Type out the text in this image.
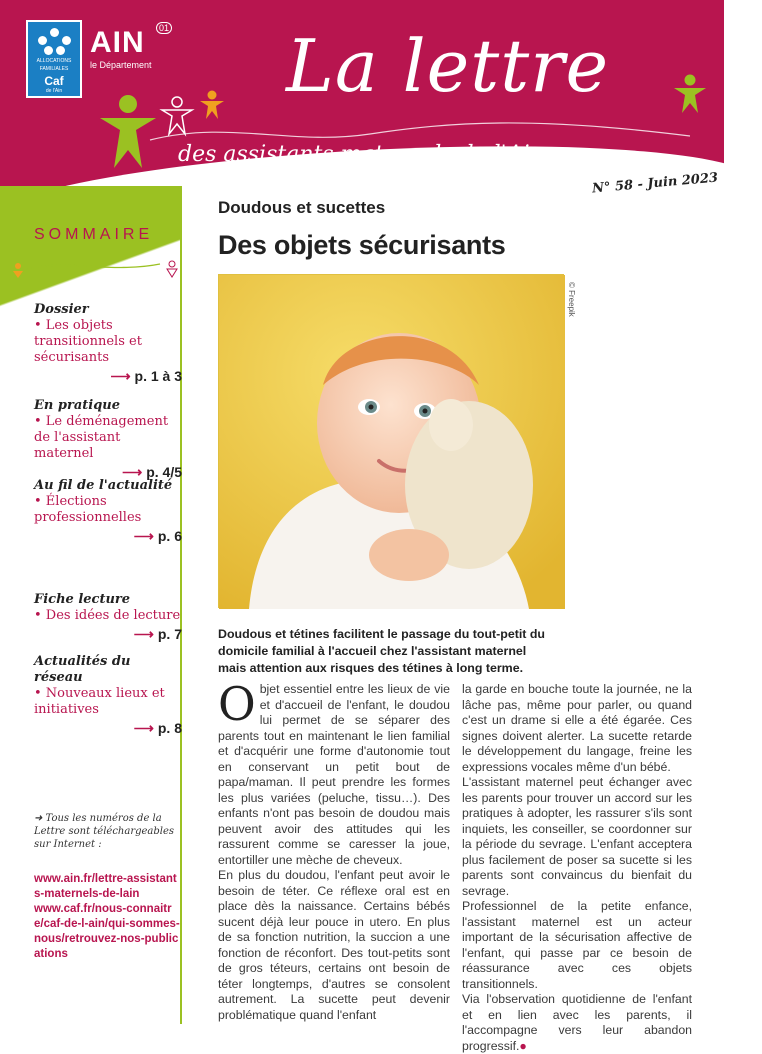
ALLOCATIONS
FAMILIALES
Caf
de l'Ain
AIN	01
le Département La lettre
des assistants maternels de l'Ain
N° 58 - Juin 2023
SOMMAIRE
Dossier
• Les objets transitionnels et sécurisants
⟶ p. 1 à 3
En pratique
• Le déménagement de l'assistant maternel
⟶ p. 4/5
Au fil de l'actualité
• Élections professionnelles
⟶ p. 6
Fiche lecture
• Des idées de lecture
⟶ p. 7
Actualités du réseau
• Nouveaux lieux et initiatives
⟶ p. 8
➜ Tous les numéros de la Lettre sont téléchargeables sur Internet :
www.ain.fr/lettre-assistants-maternels-de-lain
www.caf.fr/nous-connaitre/caf-de-l-ain/qui-sommes-nous/retrouvez-nos-publications
Doudous et sucettes
Des objets sécurisants
© Freepik
Doudous et tétines facilitent le passage du tout-petit du domicile familial à l'accueil chez l'assistant maternel mais attention aux risques des tétines à long terme.
O bjet essentiel entre les lieux de vie et d'accueil de l'enfant, le doudou lui permet de se séparer des parents tout en maintenant le lien familial et d'acquérir une forme d'autonomie tout en conservant un petit bout de papa/maman. Il peut prendre les formes les plus variées (peluche, tissu…). Des enfants n'ont pas besoin de doudou mais peuvent avoir des attitudes qui les rassurent comme se caresser la joue, entortiller une mèche de cheveux.

En plus du doudou, l'enfant peut avoir le besoin de téter. Ce réflexe oral est en place dès la naissance. Certains bébés sucent déjà leur pouce in utero. En plus de sa fonction nutrition, la succion a une fonction de réconfort. Des tout-petits sont de gros téteurs, certains ont besoin de téter longtemps, d'autres se consolent autrement. La sucette peut devenir problématique quand l'enfant

la garde en bouche toute la journée, ne la lâche pas, même pour parler, ou quand c'est un drame si elle a été égarée. Ces signes doivent alerter. La sucette retarde le développement du langage, freine les expressions vocales même d'un bébé.

L'assistant maternel peut échanger avec les parents pour trouver un accord sur les pratiques à adopter, les rassurer s'ils sont inquiets, les conseiller, se coordonner sur la période du sevrage. L'enfant acceptera plus facilement de poser sa sucette si les parents sont convaincus du bienfait du sevrage.

Professionnel de la petite enfance, l'assistant maternel est un acteur important de la sécurisation affective de l'enfant, qui passe par ce besoin de réassurance avec ces objets transitionnels.

Via l'observation quotidienne de l'enfant et en lien avec les parents, il l'accompagne vers leur abandon progressif.●
